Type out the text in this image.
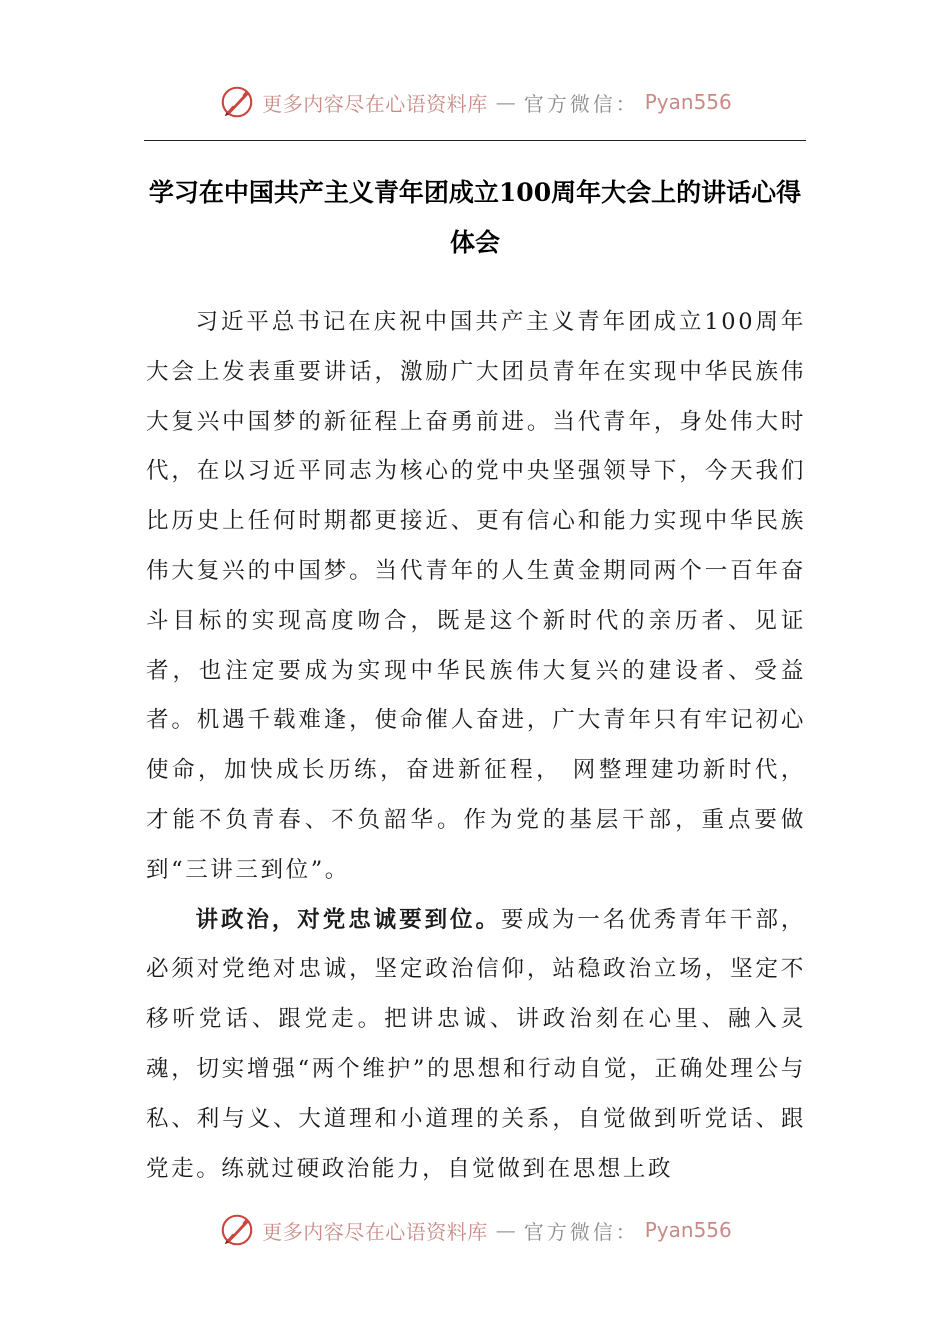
更多内容尽在心语资料库 — 官方微信： Pyan556
学习在中国共产主义青年团成立100周年大会上的讲话心得体会

习近平总书记在庆祝中国共产主义青年团成立100周年大会上发表重要讲话，激励广大团员青年在实现中华民族伟大复兴中国梦的新征程上奋勇前进。当代青年，身处伟大时代，在以习近平同志为核心的党中央坚强领导下，今天我们比历史上任何时期都更接近、更有信心和能力实现中华民族伟大复兴的中国梦。当代青年的人生黄金期同两个一百年奋斗目标的实现高度吻合，既是这个新时代的亲历者、见证者，也注定要成为实现中华民族伟大复兴的建设者、受益者。机遇千载难逢，使命催人奋进，广大青年只有牢记初心使命，加快成长历练，奋进新征程， 网整理建功新时代，才能不负青春、不负韶华。作为党的基层干部，重点要做到“三讲三到位”。

讲政治，对党忠诚要到位。要成为一名优秀青年干部，必须对党绝对忠诚，坚定政治信仰，站稳政治立场，坚定不移听党话、跟党走。把讲忠诚、讲政治刻在心里、融入灵魂，切实增强“两个维护”的思想和行动自觉，正确处理公与私、利与义、大道理和小道理的关系，自觉做到听党话、跟党走。练就过硬政治能力，自觉做到在思想上政

更多内容尽在心语资料库 — 官方微信： Pyan556
